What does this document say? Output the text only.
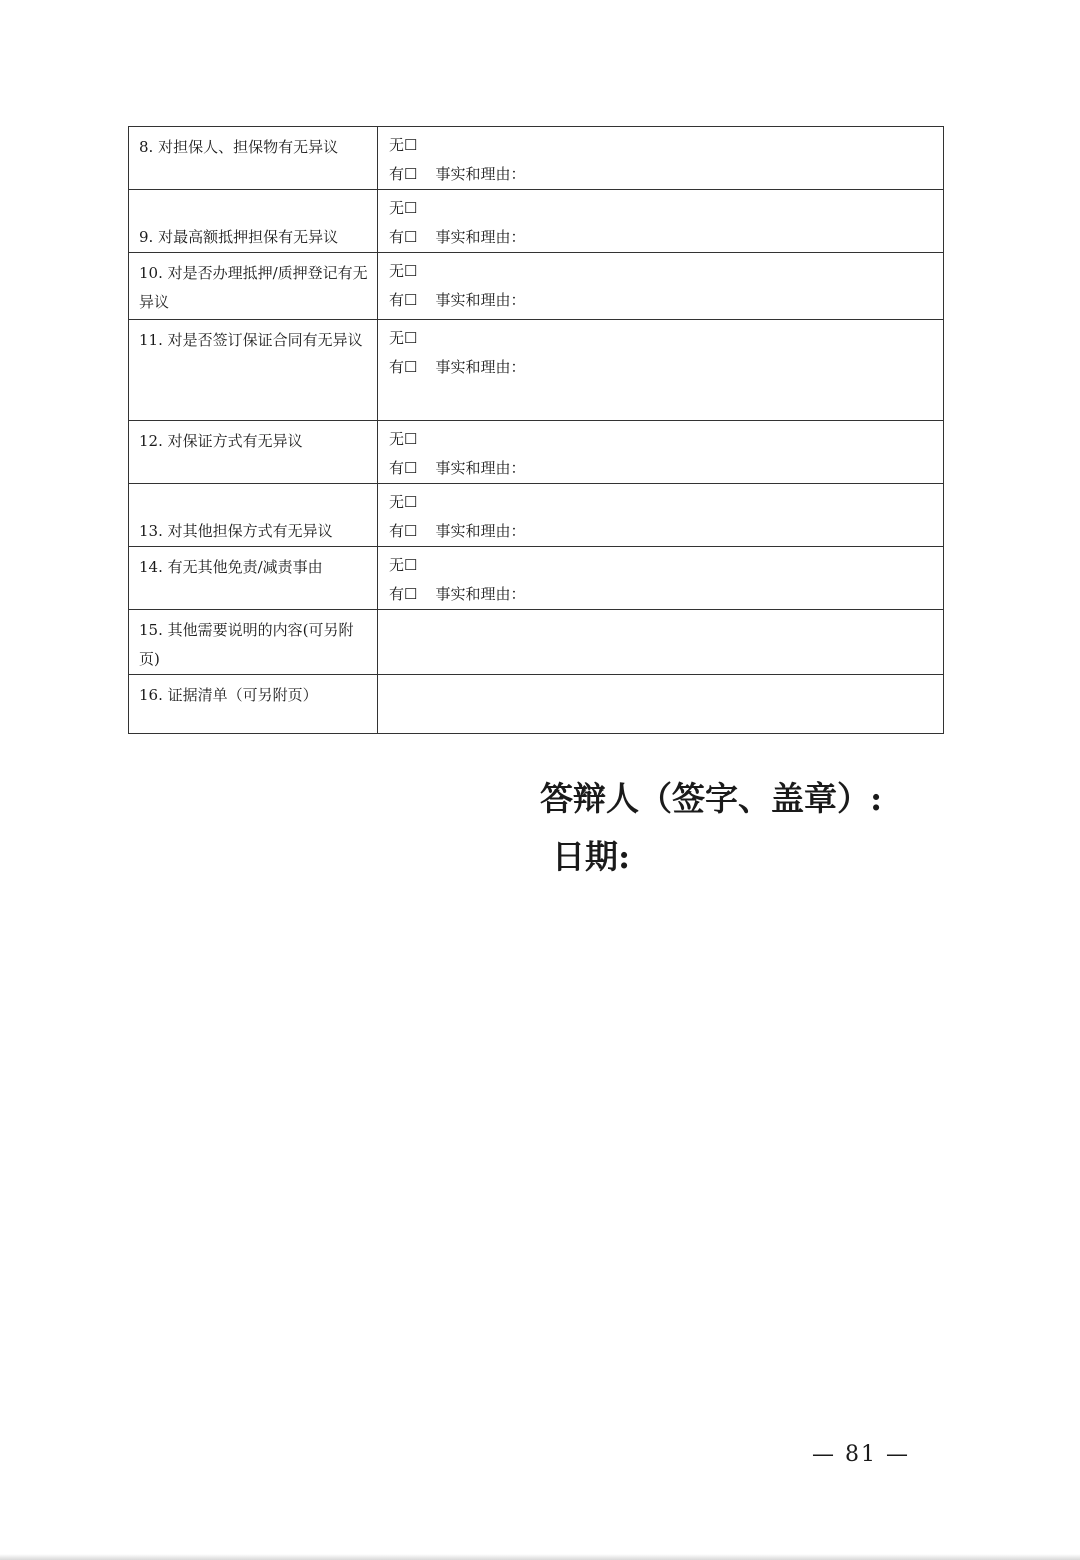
8. 对担保人、担保物有无异议	无☐
有☐ 事实和理由：

9. 对最高额抵押担保有无异议	无☐
有☐ 事实和理由：

10. 对是否办理抵押/质押登记有无异议	无☐
有☐ 事实和理由：

11. 对是否签订保证合同有无异议	无☐
有☐ 事实和理由：

12. 对保证方式有无异议	无☐
有☐ 事实和理由：

13. 对其他担保方式有无异议	无☐
有☐ 事实和理由：

14. 有无其他免责/减责事由	无☐
有☐ 事实和理由：

15. 其他需要说明的内容(可另附页)	

16. 证据清单（可另附页）	

答辩人（签字、盖章）:
日期:
— 81 —
